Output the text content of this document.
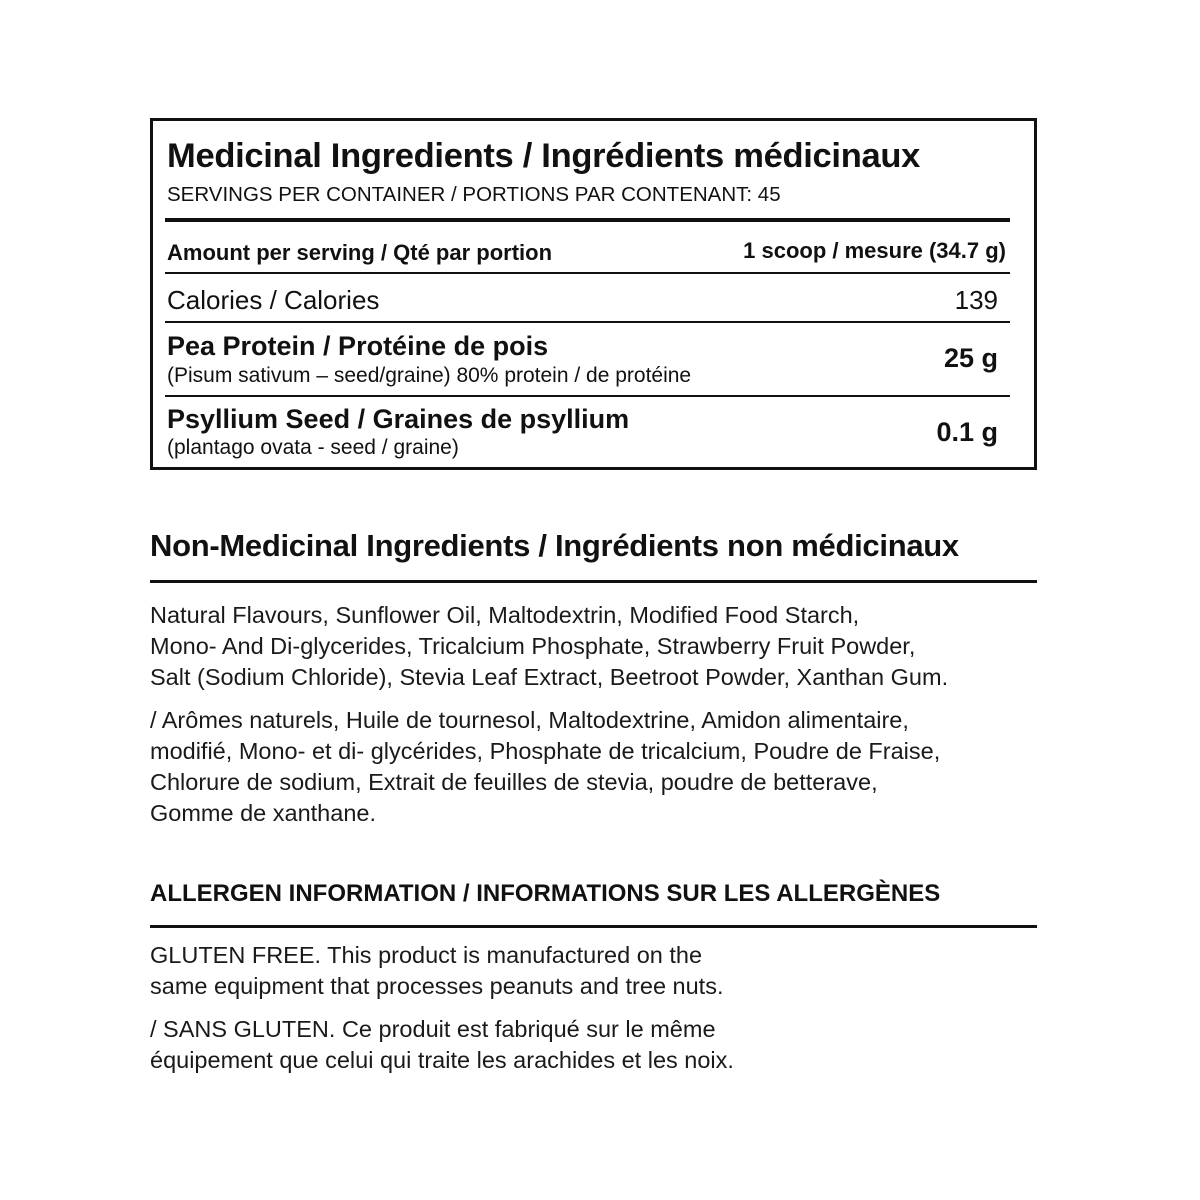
Medicinal Ingredients / Ingrédients médicinaux
SERVINGS PER CONTAINER / PORTIONS PAR CONTENANT: 45
Amount per serving / Qté par portion	1 scoop / mesure (34.7 g)
Calories / Calories	139
Pea Protein / Protéine de pois
(Pisum sativum – seed/graine) 80% protein / de protéine
25 g
Psyllium Seed / Graines de psyllium
(plantago ovata - seed / graine)
0.1 g
Non-Medicinal Ingredients / Ingrédients non médicinaux
Natural Flavours, Sunflower Oil, Maltodextrin, Modified Food Starch,
Mono- And Di-glycerides, Tricalcium Phosphate, Strawberry Fruit Powder,
Salt (Sodium Chloride), Stevia Leaf Extract, Beetroot Powder, Xanthan Gum.
/ Arômes naturels, Huile de tournesol, Maltodextrine, Amidon alimentaire,
modifié, Mono- et di- glycérides, Phosphate de tricalcium, Poudre de Fraise,
Chlorure de sodium, Extrait de feuilles de stevia, poudre de betterave,
Gomme de xanthane.
ALLERGEN INFORMATION / INFORMATIONS SUR LES ALLERGÈNES
GLUTEN FREE. This product is manufactured on the
same equipment that processes peanuts and tree nuts.
/ SANS GLUTEN. Ce produit est fabriqué sur le même
équipement que celui qui traite les arachides et les noix.
